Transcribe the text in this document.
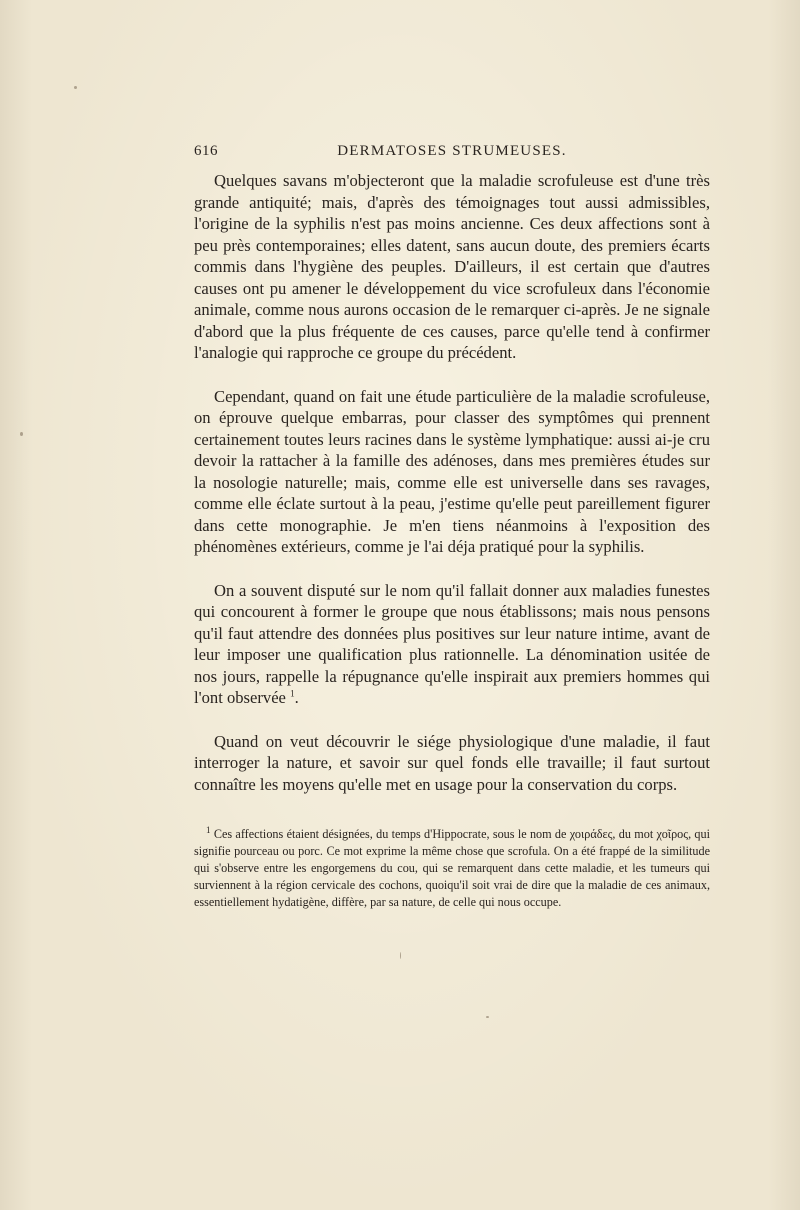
616	DERMATOSES STRUMEUSES.

Quelques savans m'objecteront que la maladie scrofuleuse est d'une très grande antiquité; mais, d'après des témoignages tout aussi admissibles, l'origine de la syphilis n'est pas moins ancienne. Ces deux affections sont à peu près contemporaines; elles datent, sans aucun doute, des premiers écarts commis dans l'hygiène des peuples. D'ailleurs, il est certain que d'autres causes ont pu amener le développement du vice scrofuleux dans l'économie animale, comme nous aurons occasion de le remarquer ci-après. Je ne signale d'abord que la plus fréquente de ces causes, parce qu'elle tend à confirmer l'analogie qui rapproche ce groupe du précédent.

Cependant, quand on fait une étude particulière de la maladie scrofuleuse, on éprouve quelque embarras, pour classer des symptômes qui prennent certainement toutes leurs racines dans le système lymphatique: aussi ai-je cru devoir la rattacher à la famille des adénoses, dans mes premières études sur la nosologie naturelle; mais, comme elle est universelle dans ses ravages, comme elle éclate surtout à la peau, j'estime qu'elle peut pareillement figurer dans cette monographie. Je m'en tiens néanmoins à l'exposition des phénomènes extérieurs, comme je l'ai déja pratiqué pour la syphilis.

On a souvent disputé sur le nom qu'il fallait donner aux maladies funestes qui concourent à former le groupe que nous établissons; mais nous pensons qu'il faut attendre des données plus positives sur leur nature intime, avant de leur imposer une qualification plus rationnelle. La dénomination usitée de nos jours, rappelle la répugnance qu'elle inspirait aux premiers hommes qui l'ont observée $^1$.

Quand on veut découvrir le siége physiologique d'une maladie, il faut interroger la nature, et savoir sur quel fonds elle travaille; il faut surtout connaître les moyens qu'elle met en usage pour la conservation du corps.

$^1$ Ces affections étaient désignées, du temps d'Hippocrate, sous le nom de χοιράδες, du mot χοῖρος, qui signifie pourceau ou porc. Ce mot exprime la même chose que scrofula. On a été frappé de la similitude qui s'observe entre les engorgemens du cou, qui se remarquent dans cette maladie, et les tumeurs qui surviennent à la région cervicale des cochons, quoiqu'il soit vrai de dire que la maladie de ces animaux, essentiellement hydatigène, diffère, par sa nature, de celle qui nous occupe.
